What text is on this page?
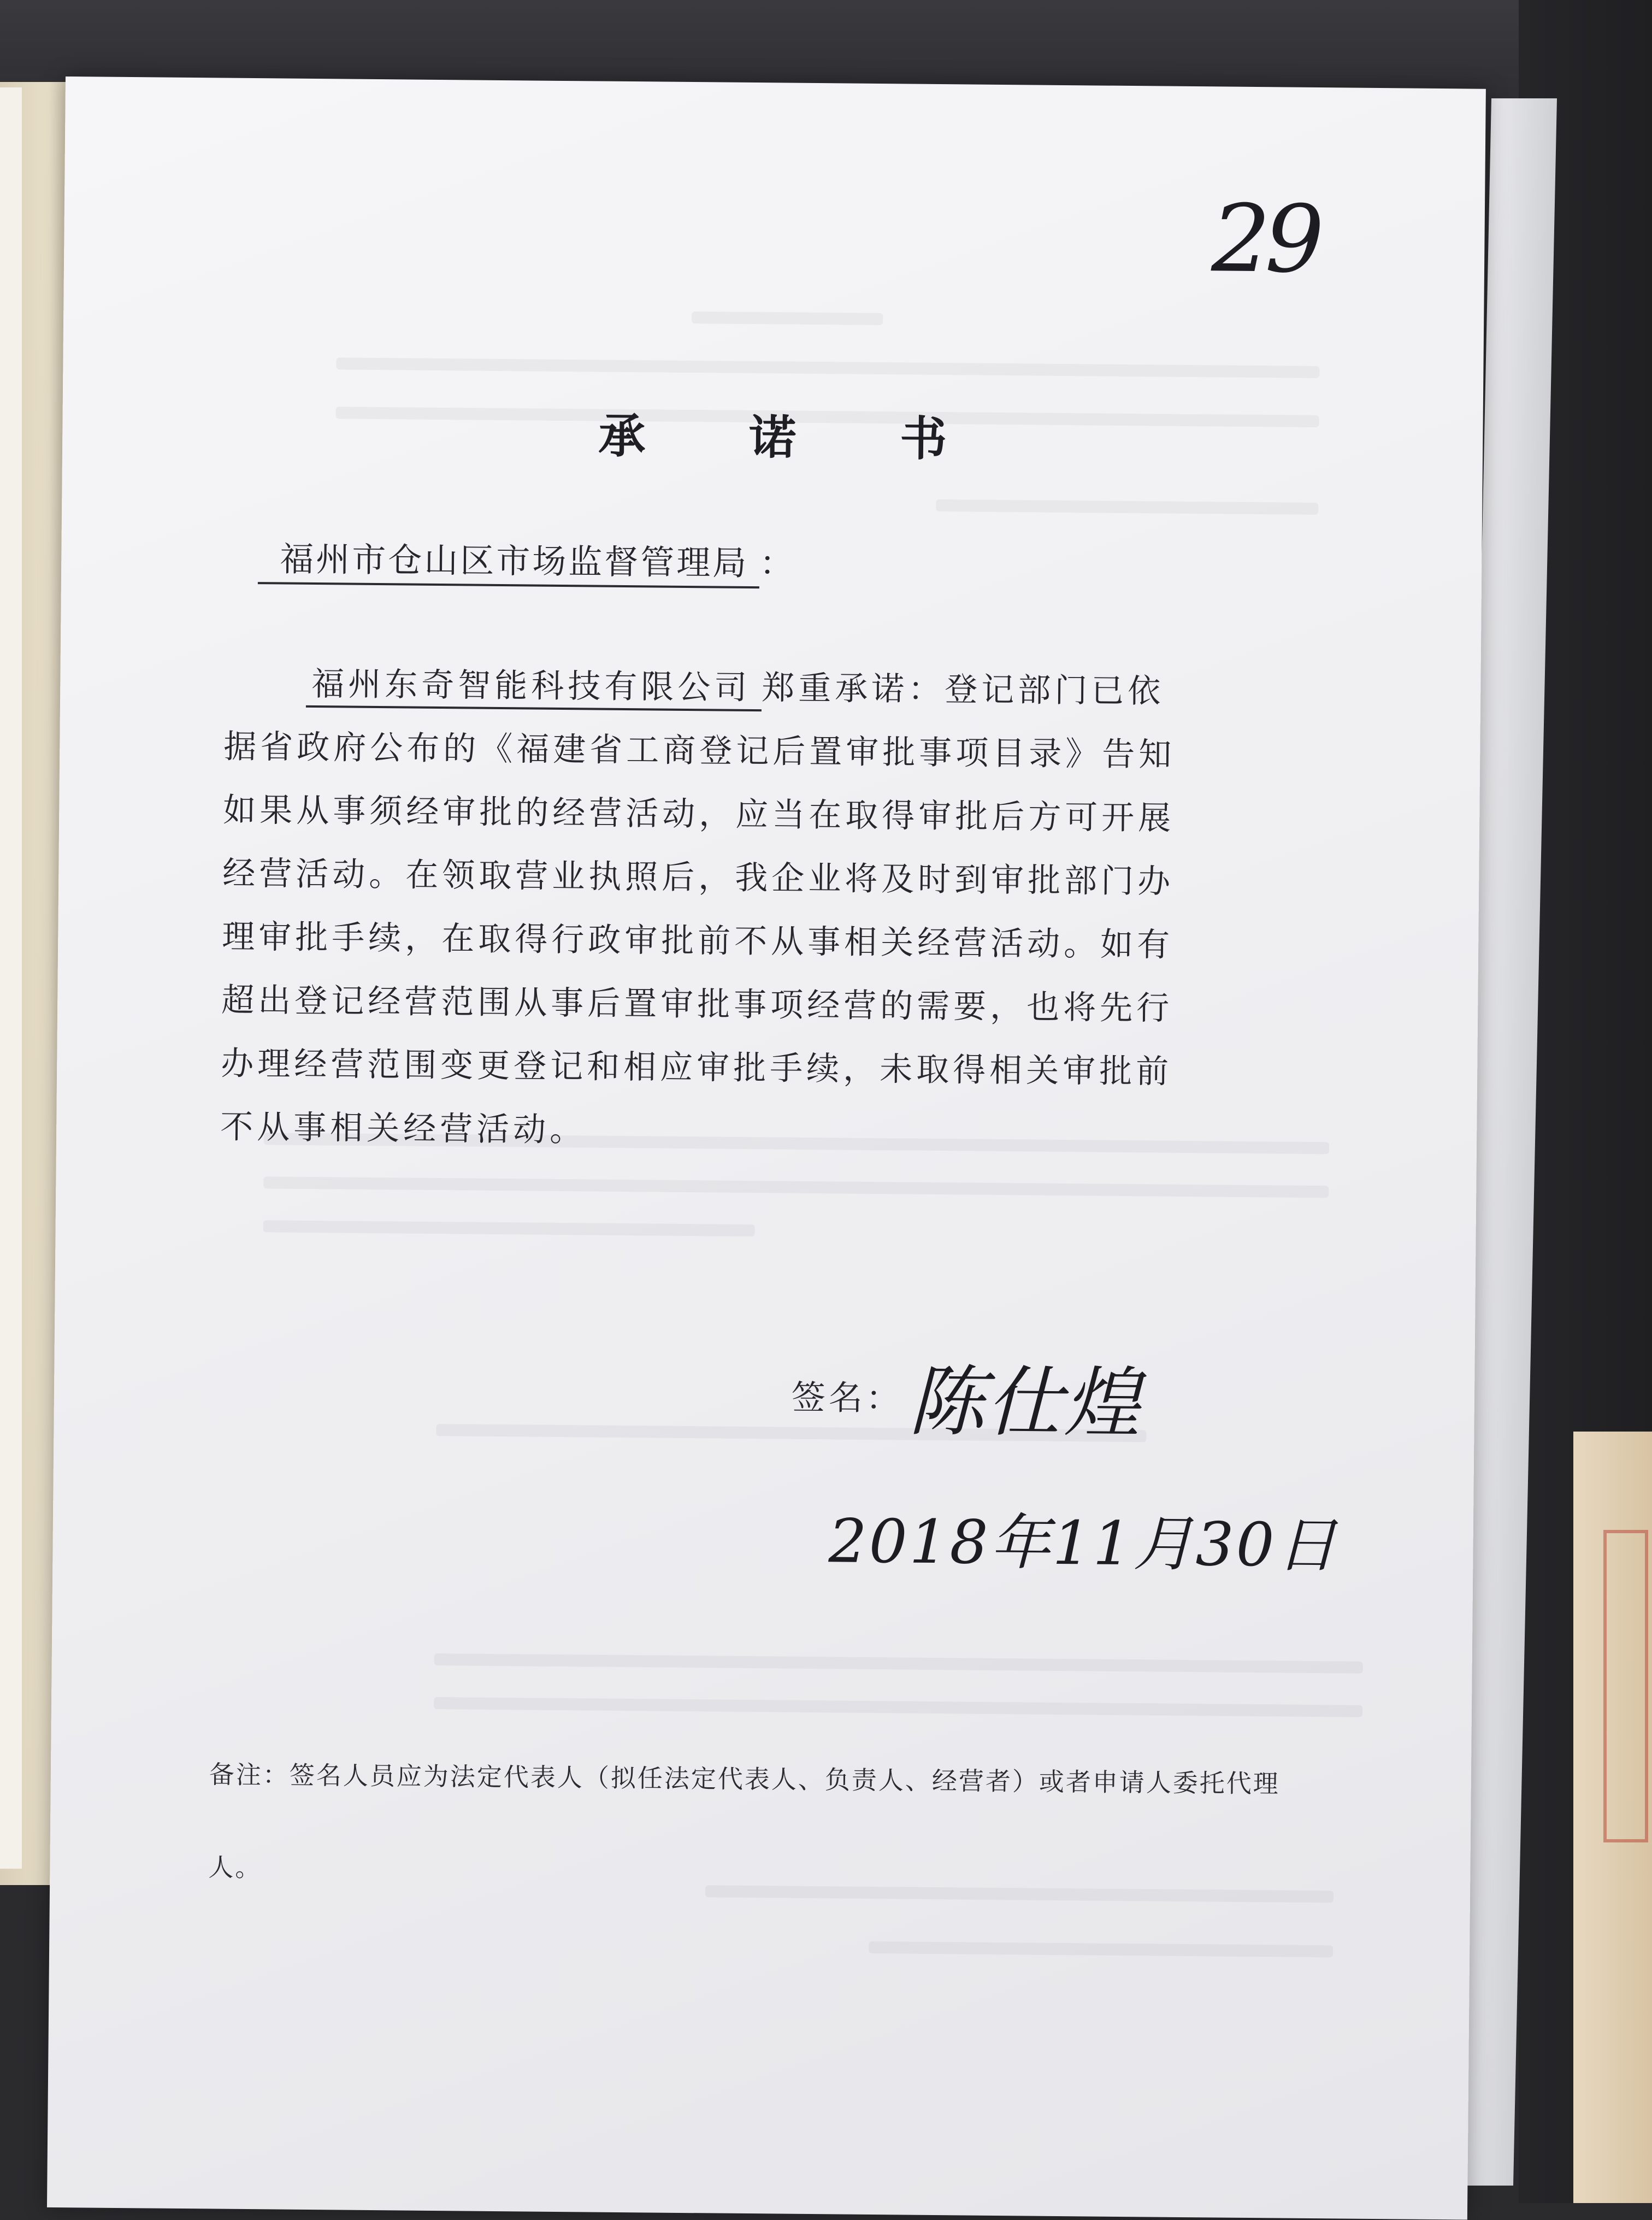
29
承 诺 书
福州市仓山区市场监督管理局 ：
福州东奇智能科技有限公司 郑重承诺：登记部门已依
据省政府公布的《福建省工商登记后置审批事项目录》告知
如果从事须经审批的经营活动，应当在取得审批后方可开展
经营活动。在领取营业执照后，我企业将及时到审批部门办
理审批手续，在取得行政审批前不从事相关经营活动。如有
超出登记经营范围从事后置审批事项经营的需要，也将先行
办理经营范围变更登记和相应审批手续，未取得相关审批前
不从事相关经营活动。
签名：陈仕煌
2018年11月30日
备注：签名人员应为法定代表人（拟任法定代表人、负责人、经营者）或者申请人委托代理
人。
